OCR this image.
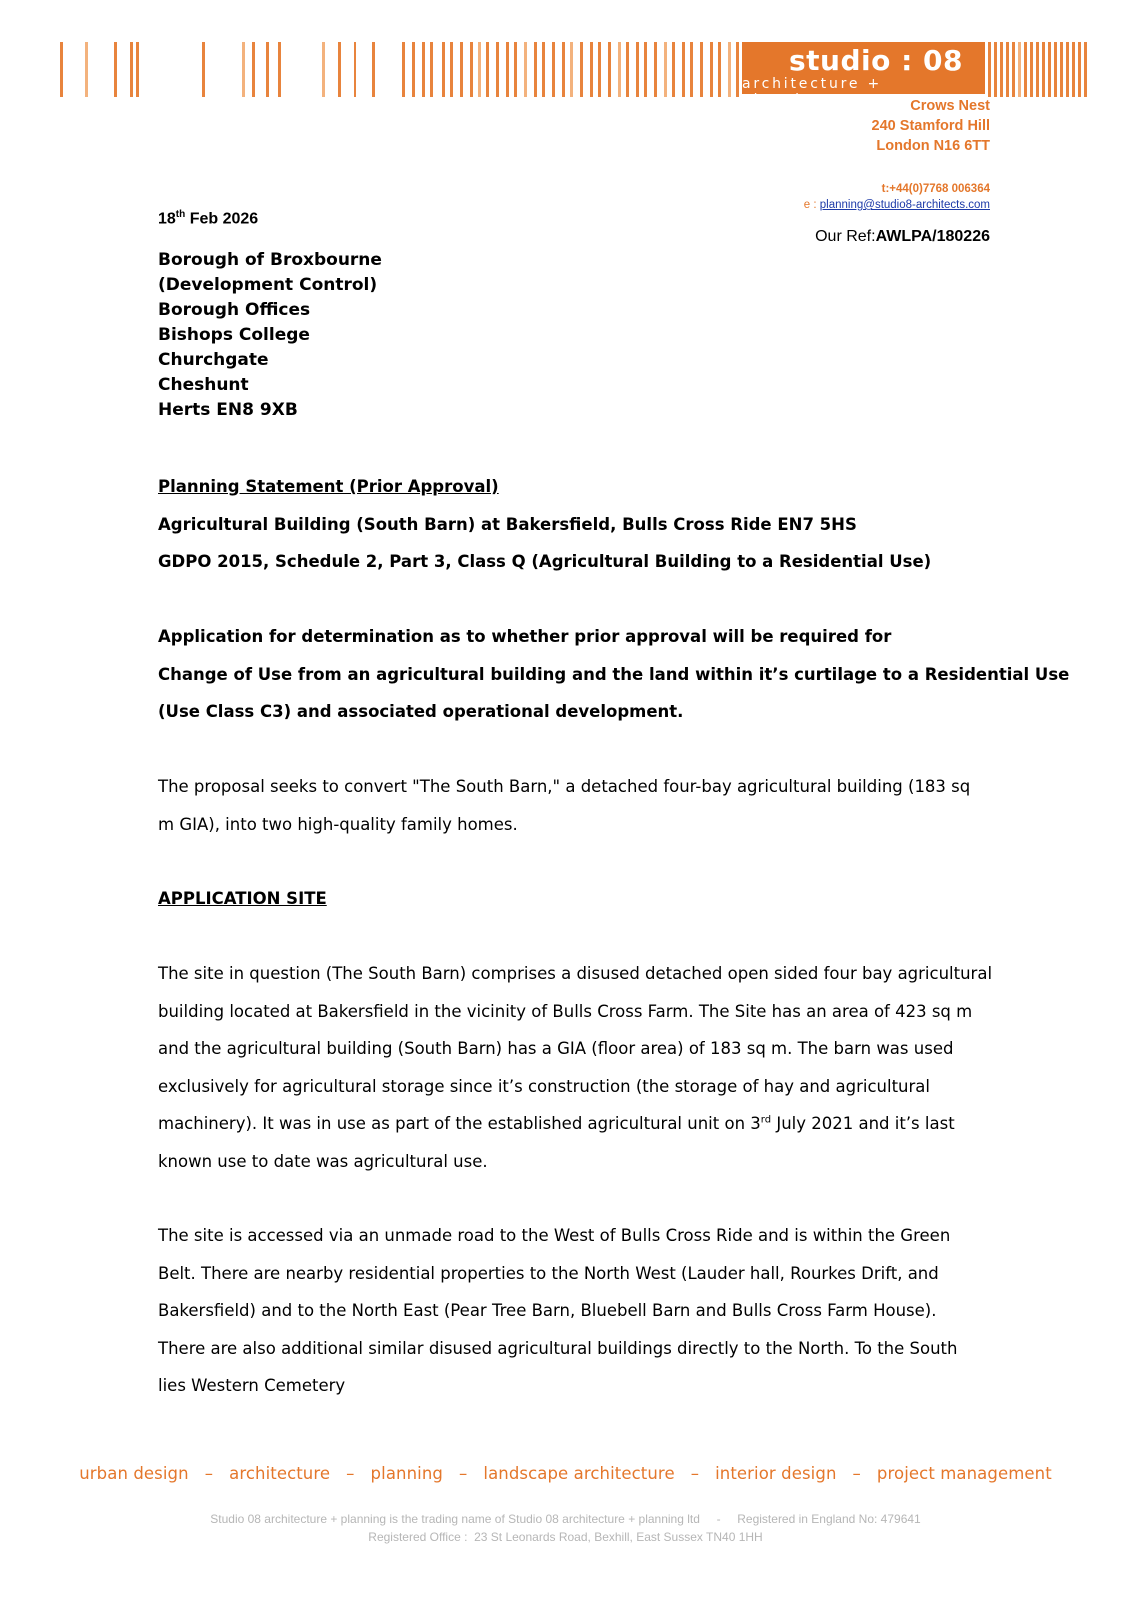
studio : 08
architecture + planning	Crows Nest
240 Stamford Hill
London N16 6TT
t:+44(0)7768 006364
e : planning@studio8-architects.com
Our Ref:AWLPA/180226
18th Feb 2026
Borough of Broxbourne
(Development Control)
Borough Offices
Bishops College
Churchgate
Cheshunt
Herts EN8 9XB
Planning Statement (Prior Approval)
Agricultural Building (South Barn) at Bakersfield, Bulls Cross Ride EN7 5HS
GDPO 2015, Schedule 2, Part 3, Class Q (Agricultural Building to a Residential Use)
Application for determination as to whether prior approval will be required for
Change of Use from an agricultural building and the land within it’s curtilage to a Residential Use
(Use Class C3) and associated operational development.
The proposal seeks to convert "The South Barn," a detached four-bay agricultural building (183 sq
m GIA), into two high-quality family homes.
APPLICATION SITE
The site in question (The South Barn) comprises a disused detached open sided four bay agricultural
building located at Bakersfield in the vicinity of Bulls Cross Farm. The Site has an area of 423 sq m
and the agricultural building (South Barn) has a GIA (floor area) of 183 sq m. The barn was used
exclusively for agricultural storage since it’s construction (the storage of hay and agricultural
machinery). It was in use as part of the established agricultural unit on 3rd July 2021 and it’s last
known use to date was agricultural use.
The site is accessed via an unmade road to the West of Bulls Cross Ride and is within the Green
Belt. There are nearby residential properties to the North West (Lauder hall, Rourkes Drift, and
Bakersfield) and to the North East (Pear Tree Barn, Bluebell Barn and Bulls Cross Farm House).
There are also additional similar disused agricultural buildings directly to the North. To the South
lies Western Cemetery
urban design   –   architecture   –   planning   –   landscape architecture   –   interior design   –   project management
Studio 08 architecture + planning is the trading name of Studio 08 architecture + planning ltd     -     Registered in England No: 479641
Registered Office :  23 St Leonards Road, Bexhill, East Sussex TN40 1HH
